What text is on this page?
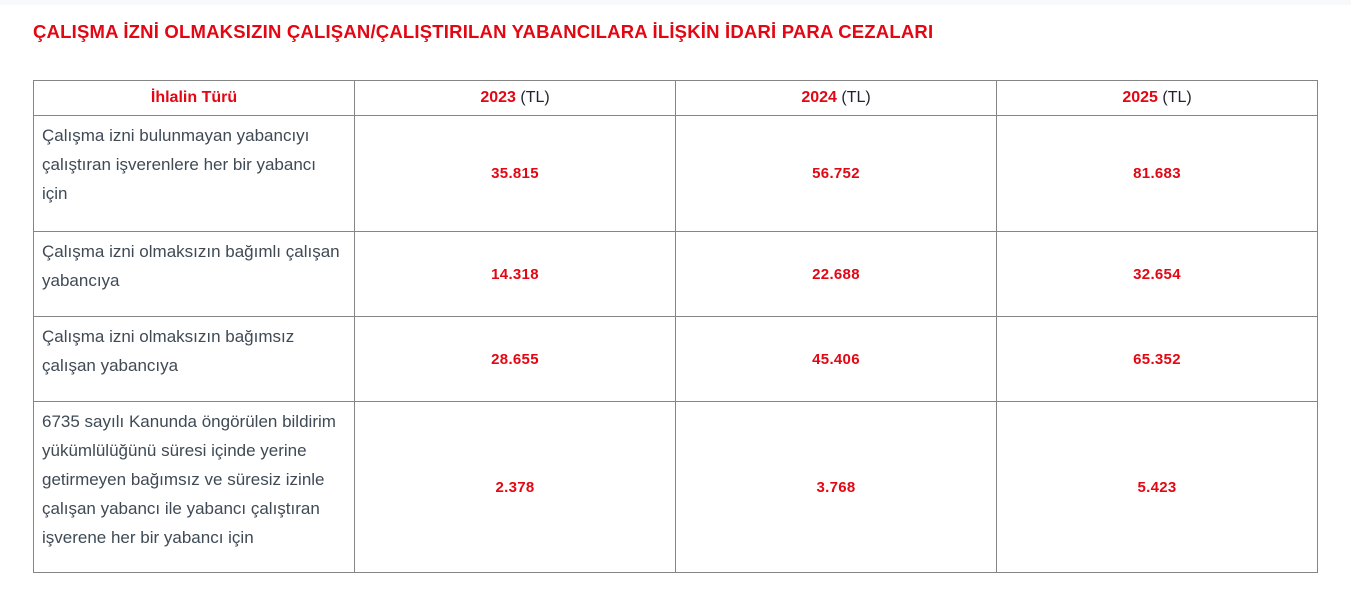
ÇALIŞMA İZNİ OLMAKSIZIN ÇALIŞAN/ÇALIŞTIRILAN YABANCILARA İLİŞKİN İDARİ PARA CEZALARI
İhlalin Türü	2023 (TL)	2024 (TL)	2025 (TL)
Çalışma izni bulunmayan yabancıyı çalıştıran işverenlere her bir yabancı için	35.815	56.752	81.683
Çalışma izni olmaksızın bağımlı çalışan yabancıya	14.318	22.688	32.654
Çalışma izni olmaksızın bağımsız çalışan yabancıya	28.655	45.406	65.352
6735 sayılı Kanunda öngörülen bildirim yükümlülüğünü süresi içinde yerine getirmeyen bağımsız ve süresiz izinle çalışan yabancı ile yabancı çalıştıran işverene her bir yabancı için	2.378	3.768	5.423
